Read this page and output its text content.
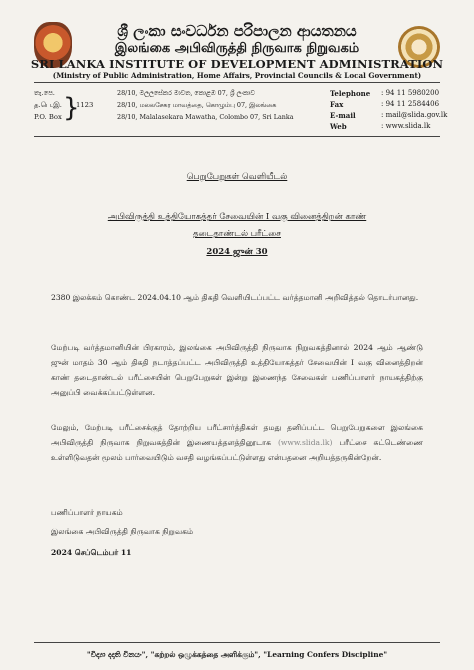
ශ්‍රී ලංකා සංවර්ධන පරිපාලන ආයතනය
இலங்கை அபிவிருத்தி நிருவாக நிறுவகம்
SRI LANKA INSTITUTE OF DEVELOPMENT ADMINISTRATION
(Ministry of Public Administration, Home Affairs, Provincial Councils & Local Government)
තැ.පෙ.
த.பெ.இ.
P.O. Box }
1123
28/10, මලලසේකර මාවත, කොළඹ 07, ශ්‍රී ලංකාව
28/10, மலலசேகர மாவத்தை, கொழும்பு 07, இலங்கை
28/10, Malalasekara Mawatha, Colombo 07, Sri Lanka
Telephone : 94 11 5980200
Fax	: 94 11 2584406
E-mail	: mail@slida.gov.lk
Web	: www.slida.lk
பெறுபேறுகள் வெளியீடல்
அபிவிருத்தி உத்தியோகத்தர் சேவையின் I வகு வினைத்திறன் காண்
தடைதாண்டல் பரீட்சை
2024 ஜுன் 30
2380 இலக்கம் கொண்ட 2024.04.10 ஆம் திகதி வெளியிடப்பட்ட வர்த்தமானி அறிவித்தல் தொடர்பானது.
மேற்படி வர்த்தமானியின் பிரகாரம், இலங்கை அபிவிருத்தி நிருவாக நிறுவகத்தினால் 2024 ஆம் ஆண்டு ஜுன் மாதம் 30 ஆம் திகதி நடாத்தப்பட்ட அபிவிருத்தி உத்தியோகத்தர் சேவையின் I வகு வினைத்திறன் காண் தடைதாண்டல் பரீட்சையின் பெறுபேறுகள் இன்று இணைந்த சேவைகள் பணிப்பாளர் நாயகத்திற்கு அனுப்பி வைக்கப்பட்டுள்ளன.
மேலும், மேற்படி பரீட்சைக்குத் தோற்றிய பரீட்சார்த்திகள் தமது தனிப்பட்ட பெறுபேறுகளை இலங்கை அபிவிருத்தி நிருவாக நிறுவகத்தின் இணையத்தளத்தினூடாக (www.slida.lk) பரீட்சை சுட்டெண்ணை உள்ளிடுவதன் மூலம் பார்வையிடும் வசதி வழங்கப்பட்டுள்ளது என்பதனை அறியத்தருகின்றேன்.
பணிப்பாளர் நாயகம்
இலங்கை அபிவிருத்தி நிருவாக நிறுவகம்
2024 செப்டெம்பர் 11
"විද්‍යා දදාති විනයං", "கற்றல் ஒழுக்கத்தை அளிக்கும்", "Learning Confers Discipline"
